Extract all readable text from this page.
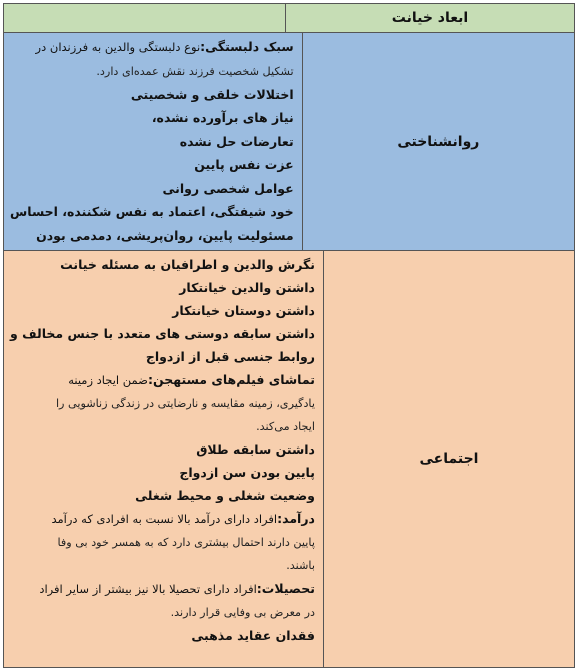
ابعاد خیانت
روانشناختی
سبک دلبستگی:نوع دلبستگی والدین به فرزندان در
تشکیل شخصیت فرزند نقش عمده‌ای دارد.
اختلالات خلقی و شخصیتی
نیاز های برآورده نشده،
تعارضات حل نشده
عزت نفس پایین
عوامل شخصی روانی
خود شیفتگی، اعتماد به نفس شکننده، احساس
مسئولیت پایین، روان‌پریشی، دمدمی بودن
اجتماعی
نگرش والدین و اطرافیان به مسئله خیانت
داشتن والدین خیانتکار
داشتن دوستان خیانتکار
داشتن سابقه دوستی های متعدد با جنس مخالف و
روابط جنسی قبل از ازدواج
تماشای فیلم‌های مستهجن:ضمن ایجاد زمینه
یادگیری، زمینه مقایسه و نارضایتی در زندگی زناشویی را
ایجاد می‌کند.
داشتن سابقه طلاق
پایین بودن سن ازدواج
وضعیت شغلی و محیط شغلی
درآمد:افراد دارای درآمد بالا نسبت به افرادی که درآمد
پایین دارند احتمال بیشتری دارد که به همسر خود بی وفا
باشند.
تحصیلات:افراد دارای تحصیلا بالا نیز بیشتر از سایر افراد
در معرض بی وفایی قرار دارند.
فقدان عقاید مذهبی
